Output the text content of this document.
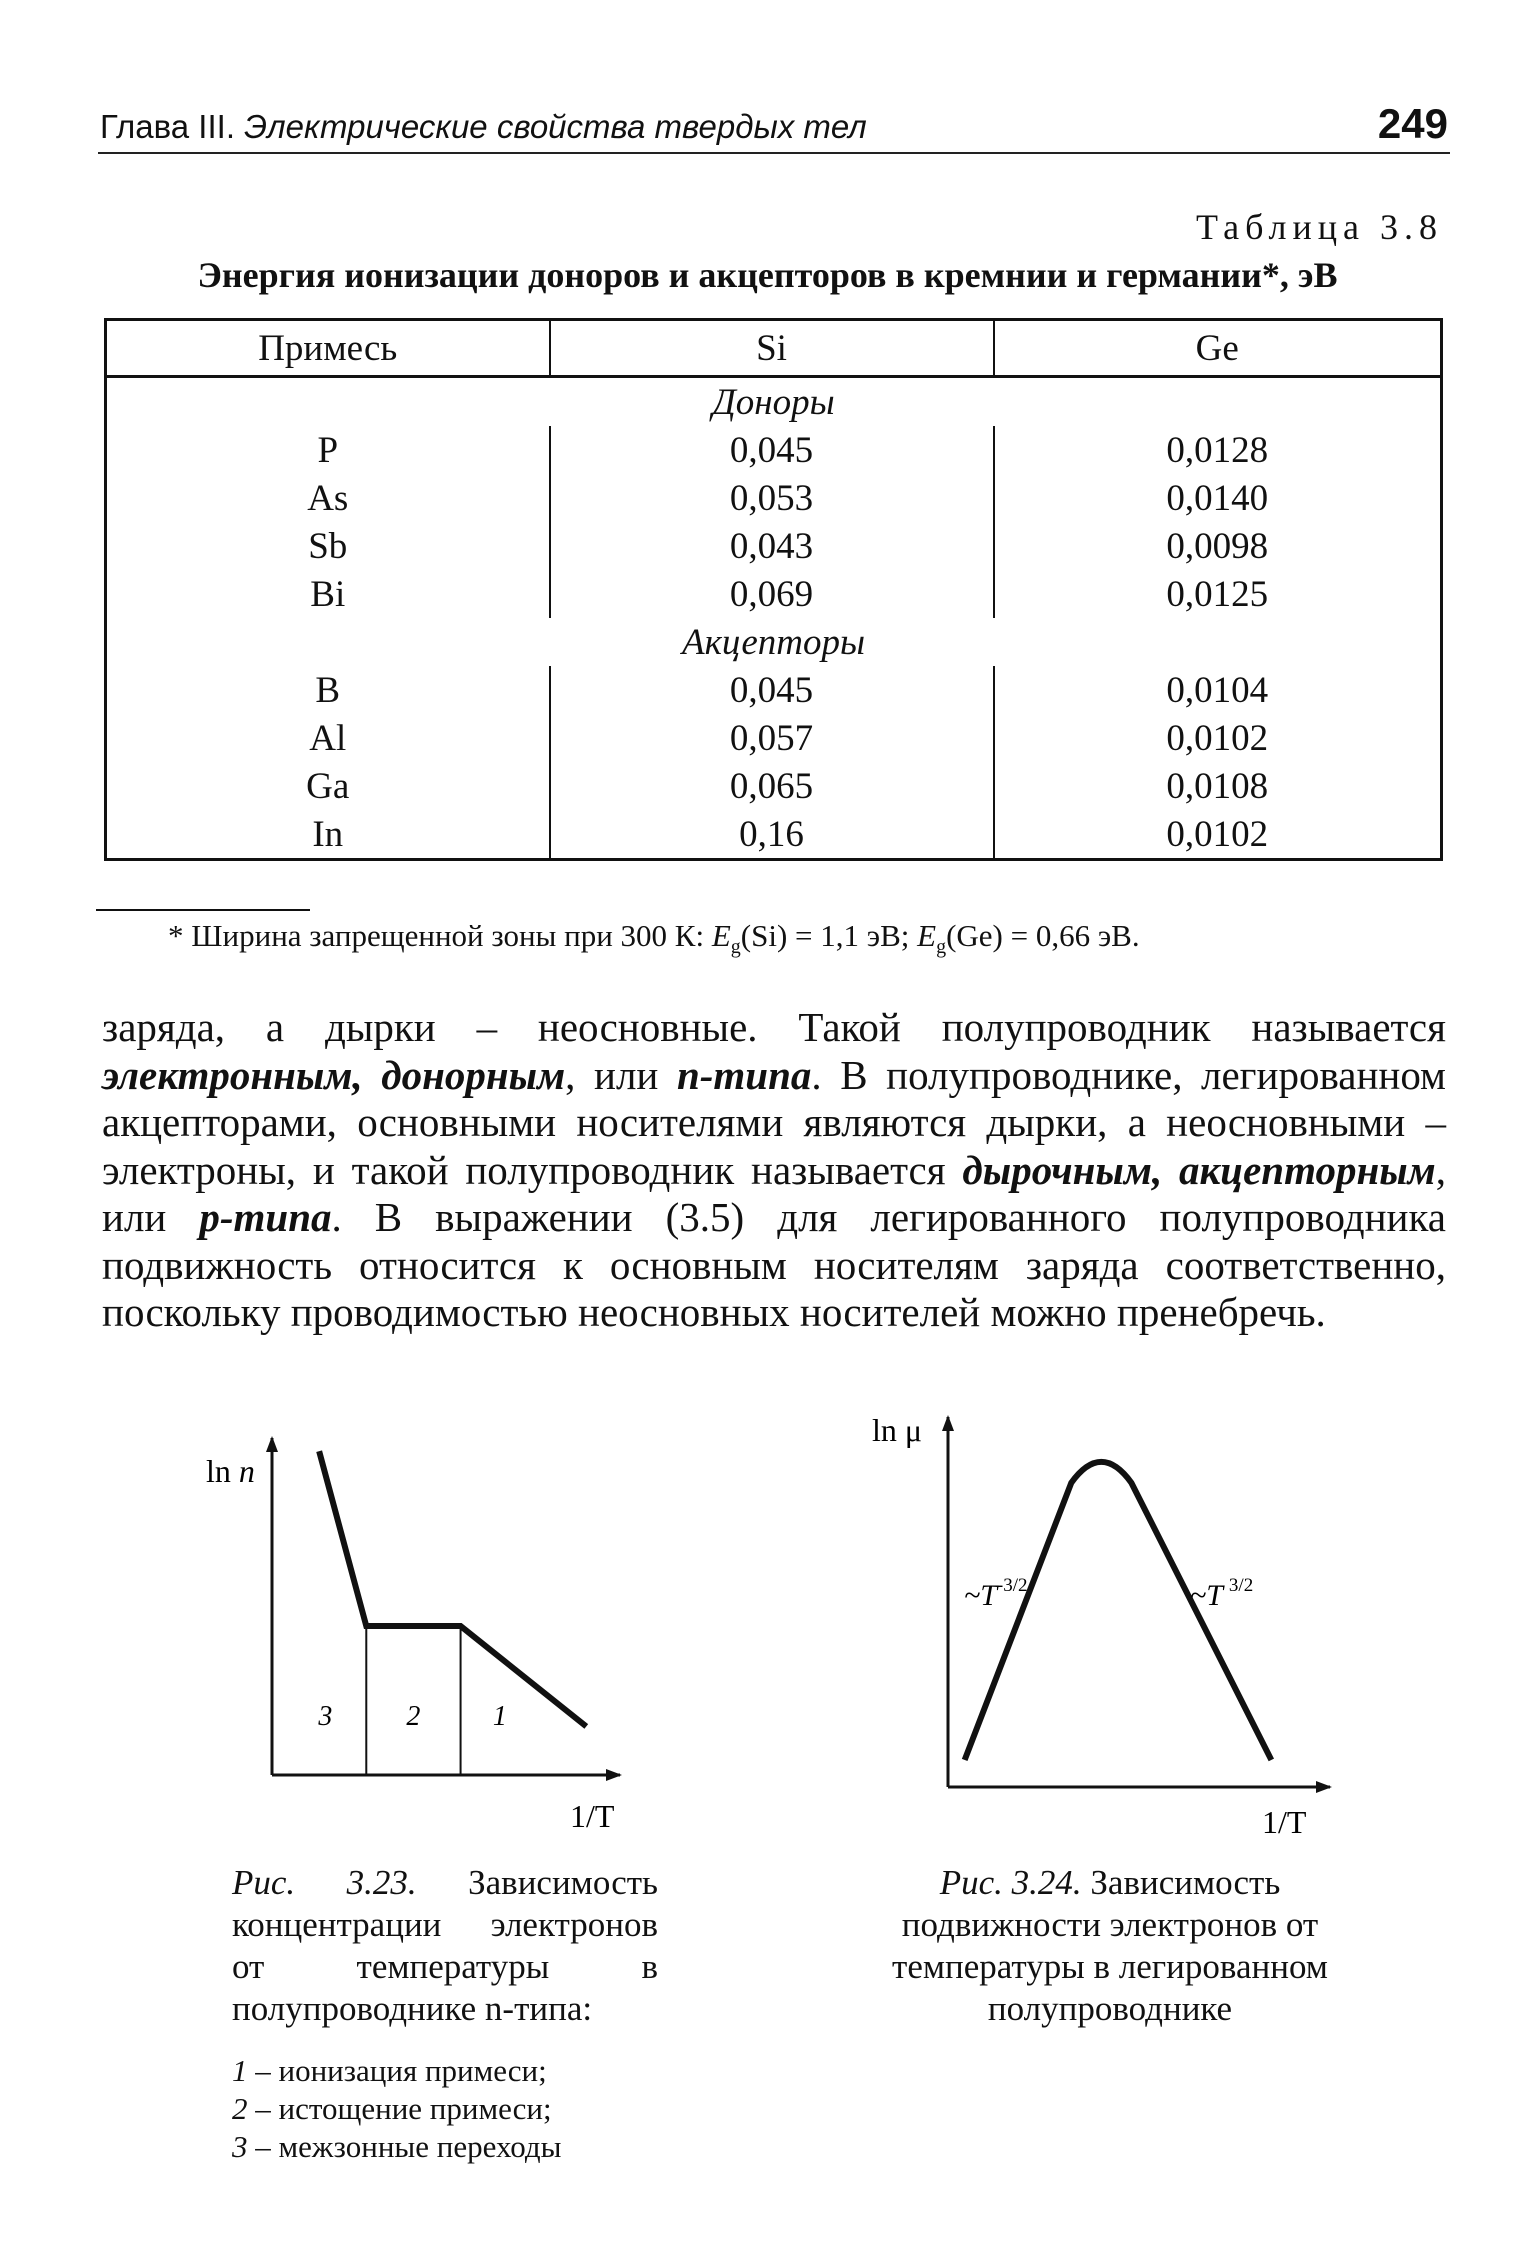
Глава III. Электрические свойства твердых тел	249
Таблица 3.8
Энергия ионизации доноров и акцепторов в кремнии и германии*, эВ
Примесь	Si	Ge
Доноры		
P	0,045	0,0128
As	0,053	0,0140
Sb	0,043	0,0098
Bi	0,069	0,0125
Акцепторы		
B	0,045	0,0104
Al	0,057	0,0102
Ga	0,065	0,0108
In	0,16	0,0102
* Ширина запрещенной зоны при 300 К: $E_g(Si) = 1,1$ эВ; $E_g(Ge) = 0,66$ эВ.
заряда, а дырки – неосновные. Такой полупроводник называется электронным, донорным, или n-типа. В полупроводнике, легированном акцепторами, основными носителями являются дырки, а неосновными – электроны, и такой полупроводник называется дырочным, акцепторным, или p-типа. В выражении (3.5) для легированного полупроводника подвижность относится к основным носителям заряда соответственно, поскольку проводимостью неосновных носителей можно пренебречь.
ln n
1/T
3	2	1
ln μ
1/T
$\sim T^{-3/2}$	~T $^{3/2}$
Рис. 3.23. Зависимость концентрации электронов от температуры в полупроводнике n-типа:
1 – ионизация примеси;
2 – истощение примеси;
3 – межзонные переходы
Рис. 3.24. Зависимость подвижности электронов от температуры в легированном полупроводнике
